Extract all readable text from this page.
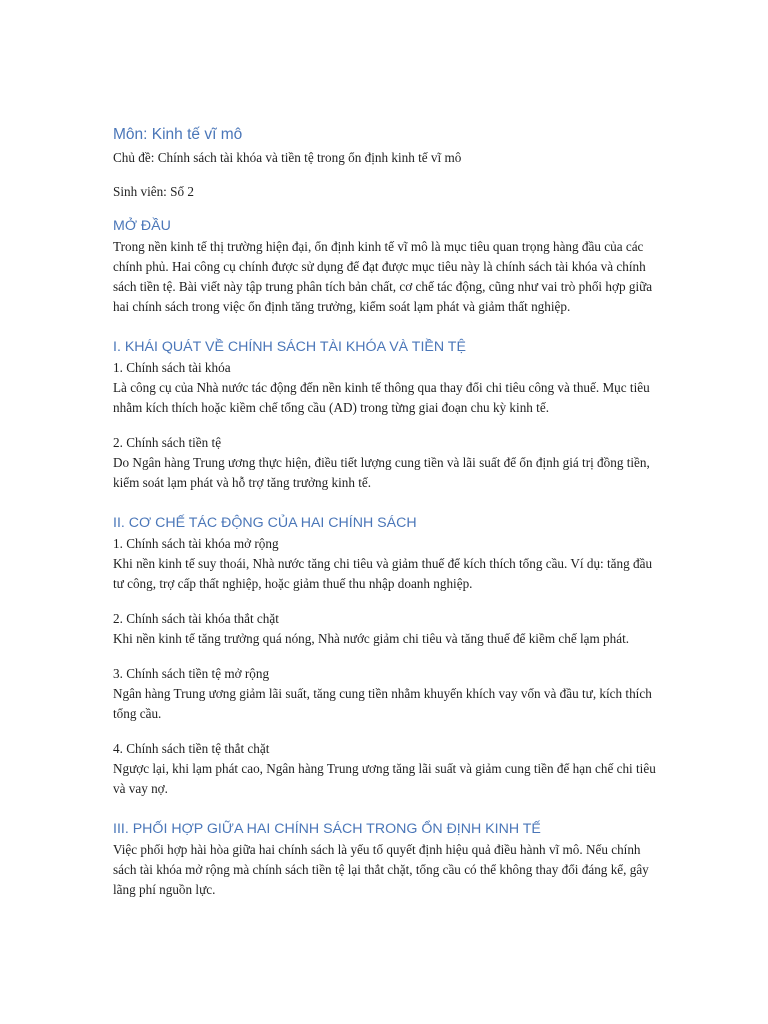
Môn: Kinh tế vĩ mô

Chủ đề: Chính sách tài khóa và tiền tệ trong ổn định kinh tế vĩ mô

Sinh viên: Số 2

MỞ ĐẦU

Trong nền kinh tế thị trường hiện đại, ổn định kinh tế vĩ mô là mục tiêu quan trọng hàng đầu của các chính phủ. Hai công cụ chính được sử dụng để đạt được mục tiêu này là chính sách tài khóa và chính sách tiền tệ. Bài viết này tập trung phân tích bản chất, cơ chế tác động, cũng như vai trò phối hợp giữa hai chính sách trong việc ổn định tăng trưởng, kiểm soát lạm phát và giảm thất nghiệp.

I. KHÁI QUÁT VỀ CHÍNH SÁCH TÀI KHÓA VÀ TIỀN TỆ

1. Chính sách tài khóa

Là công cụ của Nhà nước tác động đến nền kinh tế thông qua thay đổi chi tiêu công và thuế. Mục tiêu nhằm kích thích hoặc kiềm chế tổng cầu (AD) trong từng giai đoạn chu kỳ kinh tế.

2. Chính sách tiền tệ

Do Ngân hàng Trung ương thực hiện, điều tiết lượng cung tiền và lãi suất để ổn định giá trị đồng tiền, kiểm soát lạm phát và hỗ trợ tăng trưởng kinh tế.

II. CƠ CHẾ TÁC ĐỘNG CỦA HAI CHÍNH SÁCH

1. Chính sách tài khóa mở rộng

Khi nền kinh tế suy thoái, Nhà nước tăng chi tiêu và giảm thuế để kích thích tổng cầu. Ví dụ: tăng đầu tư công, trợ cấp thất nghiệp, hoặc giảm thuế thu nhập doanh nghiệp.

2. Chính sách tài khóa thắt chặt

Khi nền kinh tế tăng trưởng quá nóng, Nhà nước giảm chi tiêu và tăng thuế để kiềm chế lạm phát.

3. Chính sách tiền tệ mở rộng

Ngân hàng Trung ương giảm lãi suất, tăng cung tiền nhằm khuyến khích vay vốn và đầu tư, kích thích tổng cầu.

4. Chính sách tiền tệ thắt chặt

Ngược lại, khi lạm phát cao, Ngân hàng Trung ương tăng lãi suất và giảm cung tiền để hạn chế chi tiêu và vay nợ.

III. PHỐI HỢP GIỮA HAI CHÍNH SÁCH TRONG ỔN ĐỊNH KINH TẾ

Việc phối hợp hài hòa giữa hai chính sách là yếu tố quyết định hiệu quả điều hành vĩ mô. Nếu chính sách tài khóa mở rộng mà chính sách tiền tệ lại thắt chặt, tổng cầu có thể không thay đổi đáng kể, gây lãng phí nguồn lực.
